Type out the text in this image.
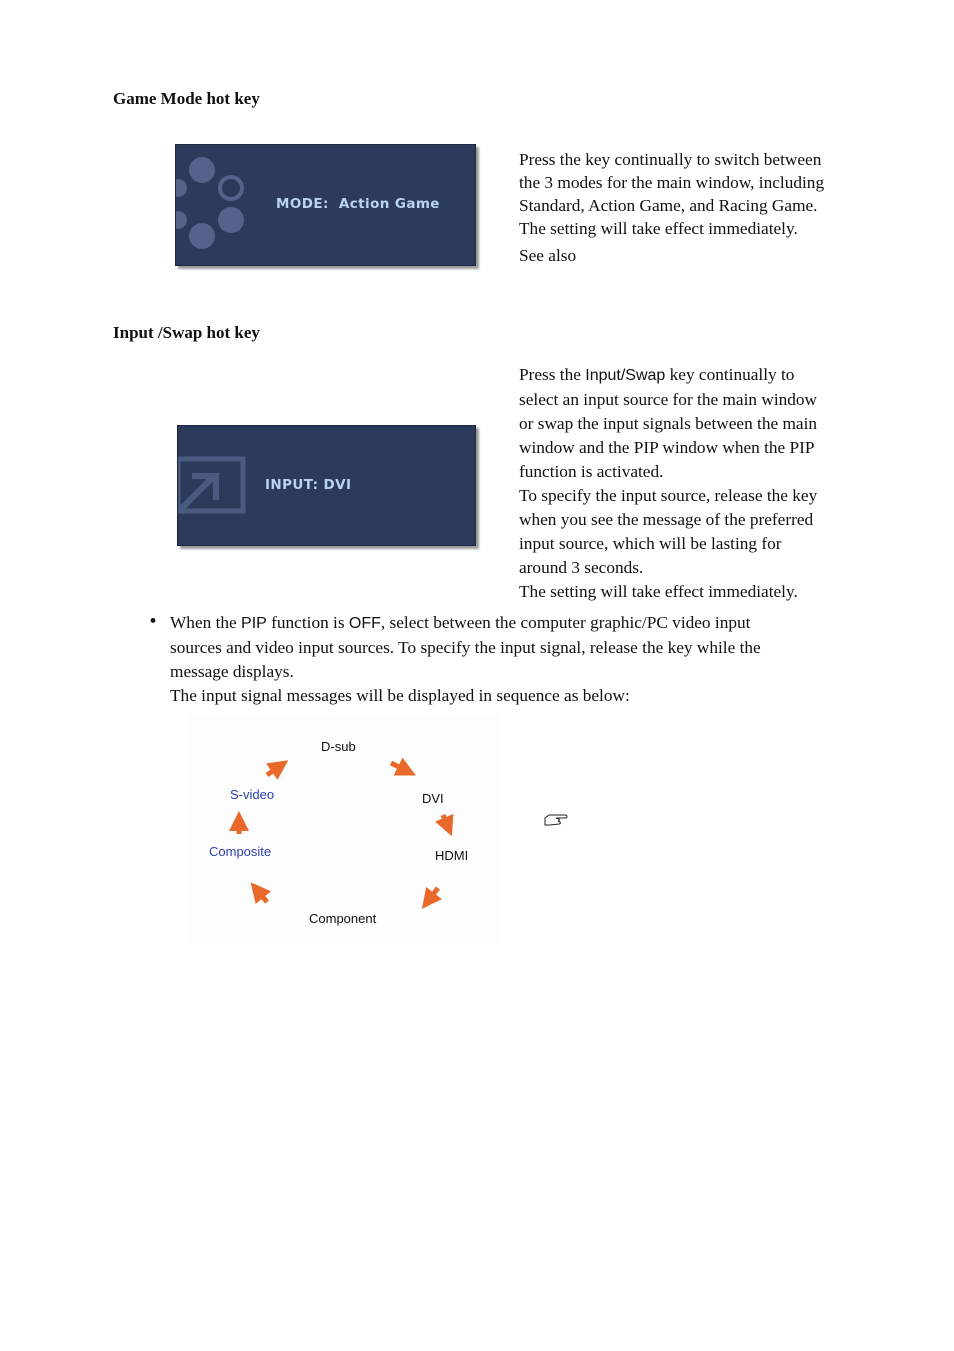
Game Mode hot key
MODE:  Action Game
Press the key continually to switch between
the 3 modes for the main window, including
Standard, Action Game, and Racing Game.
The setting will take effect immediately.
See also
Input /Swap hot key
INPUT: DVI
Press the Input/Swap key continually to
select an input source for the main window
or swap the input signals between the main
window and the PIP window when the PIP
function is activated.
To specify the input source, release the key
when you see the message of the preferred
input source, which will be lasting for
around 3 seconds.
The setting will take effect immediately.
• When the PIP function is OFF, select between the computer graphic/PC video input
sources and video input sources. To specify the input signal, release the key while the
message displays.
The input signal messages will be displayed in sequence as below:
D-sub
DVI
HDMI
Component
Composite
S-video
